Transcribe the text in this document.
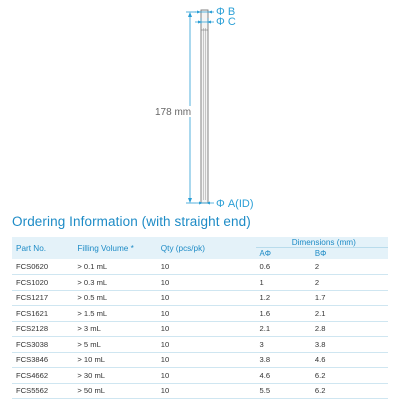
178 mm
Φ B
Φ C
Φ A(ID)
Ordering Information (with straight end)
Part No.	Filling Volume *	Qty (pcs/pk)	Dimensions (mm)		
			AΦ	BΦ	
FCS0620	> 0.1 mL	10	0.6	2	
FCS1020	> 0.3 mL	10	1	2	
FCS1217	> 0.5 mL	10	1.2	1.7	
FCS1621	> 1.5 mL	10	1.6	2.1	
FCS2128	> 3 mL	10	2.1	2.8	
FCS3038	> 5 mL	10	3	3.8	
FCS3846	> 10 mL	10	3.8	4.6	
FCS4662	> 30 mL	10	4.6	6.2	
FCS5562	> 50 mL	10	5.5	6.2	
